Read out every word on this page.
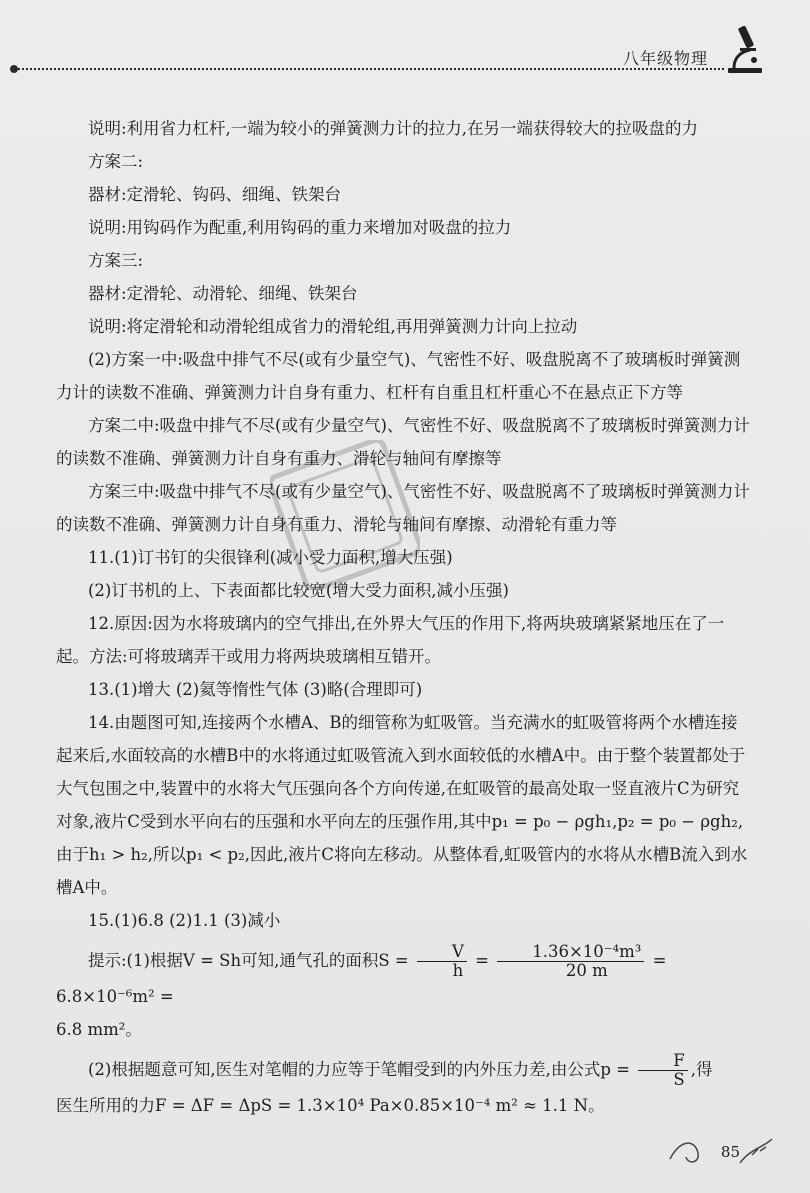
八年级物理

说明:利用省力杠杆,一端为较小的弹簧测力计的拉力,在另一端获得较大的拉吸盘的力

方案二:

器材:定滑轮、钩码、细绳、铁架台

说明:用钩码作为配重,利用钩码的重力来增加对吸盘的拉力

方案三:

器材:定滑轮、动滑轮、细绳、铁架台

说明:将定滑轮和动滑轮组成省力的滑轮组,再用弹簧测力计向上拉动

(2)方案一中:吸盘中排气不尽(或有少量空气)、气密性不好、吸盘脱离不了玻璃板时弹簧测力计的读数不准确、弹簧测力计自身有重力、杠杆有自重且杠杆重心不在悬点正下方等

方案二中:吸盘中排气不尽(或有少量空气)、气密性不好、吸盘脱离不了玻璃板时弹簧测力计的读数不准确、弹簧测力计自身有重力、滑轮与轴间有摩擦等

方案三中:吸盘中排气不尽(或有少量空气)、气密性不好、吸盘脱离不了玻璃板时弹簧测力计的读数不准确、弹簧测力计自身有重力、滑轮与轴间有摩擦、动滑轮有重力等

11.(1)订书钉的尖很锋利(减小受力面积,增大压强)

(2)订书机的上、下表面都比较宽(增大受力面积,减小压强)

12.原因:因为水将玻璃内的空气排出,在外界大气压的作用下,将两块玻璃紧紧地压在了一起。方法:可将玻璃弄干或用力将两块玻璃相互错开。

13.(1)增大 (2)氦等惰性气体 (3)略(合理即可)

14.由题图可知,连接两个水槽A、B的细管称为虹吸管。当充满水的虹吸管将两个水槽连接起来后,水面较高的水槽B中的水将通过虹吸管流入到水面较低的水槽A中。由于整个装置都处于大气包围之中,装置中的水将大气压强向各个方向传递,在虹吸管的最高处取一竖直液片C为研究对象,液片C受到水平向右的压强和水平向左的压强作用,其中p₁ = p₀ − ρgh₁,p₂ = p₀ − ρgh₂,由于h₁ > h₂,所以p₁ < p₂,因此,液片C将向左移动。从整体看,虹吸管内的水将从水槽B流入到水槽A中。

15.(1)6.8 (2)1.1 (3)减小

提示:(1)根据V = Sh可知,通气孔的面积$S = \frac{V}{h} = \frac{\text{1.36×10⁻⁴m³}}{20 m} = 6.8\times 10^{-6}m^2$ =

6.8 mm²。

(2)根据题意可知,医生对笔帽的力应等于笔帽受到的内外压力差,由公式$p = \frac{F}{S}$ ,得

医生所用的力F = ΔF = ΔpS = 1.3×10⁴ Pa×0.85×10⁻⁴ m² ≈ 1.1 N。

85
